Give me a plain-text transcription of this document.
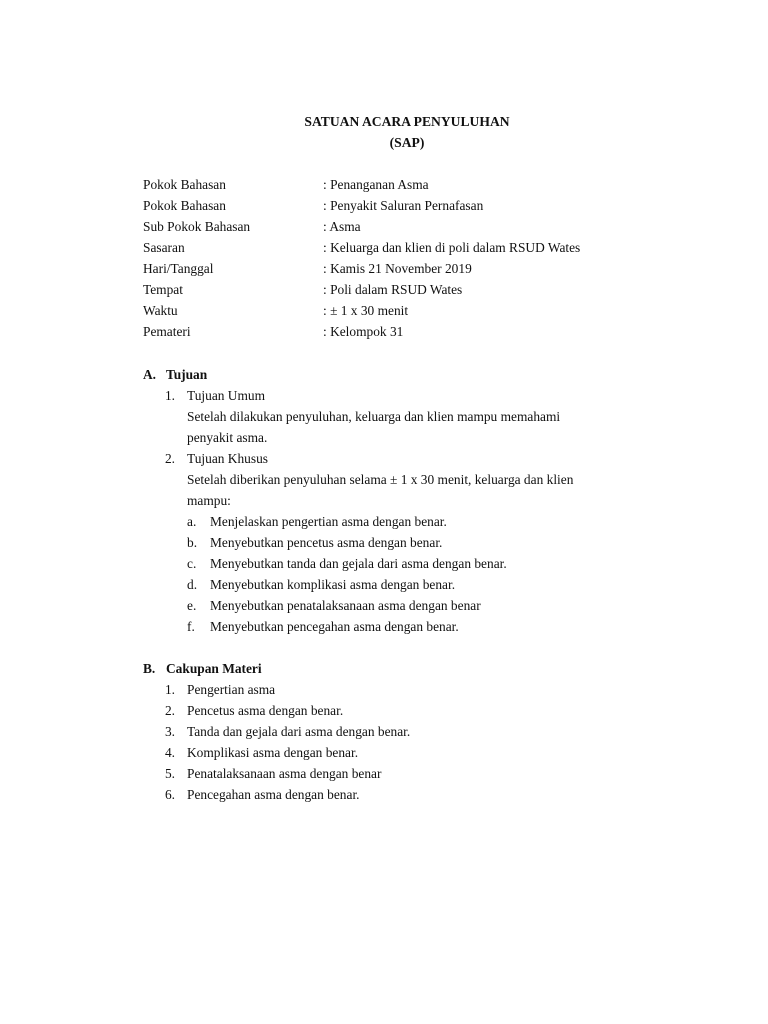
SATUAN ACARA PENYULUHAN
(SAP)
Pokok Bahasan	: Penanganan Asma
Pokok Bahasan	: Penyakit Saluran Pernafasan
Sub Pokok Bahasan	: Asma
Sasaran	: Keluarga dan klien di poli dalam RSUD Wates
Hari/Tanggal	: Kamis 21 November 2019
Tempat	: Poli dalam RSUD Wates
Waktu	: ± 1 x 30 menit
Pemateri	: Kelompok 31
A. Tujuan
1. Tujuan Umum
Setelah dilakukan penyuluhan, keluarga dan klien mampu memahami
penyakit asma.
2. Tujuan Khusus
Setelah diberikan penyuluhan selama ± 1 x 30 menit, keluarga dan klien
mampu:
a. Menjelaskan pengertian asma dengan benar.
b. Menyebutkan pencetus asma dengan benar.
c. Menyebutkan tanda dan gejala dari asma dengan benar.
d. Menyebutkan komplikasi asma dengan benar.
e. Menyebutkan penatalaksanaan asma dengan benar
f. Menyebutkan pencegahan asma dengan benar.
B. Cakupan Materi
1. Pengertian asma
2. Pencetus asma dengan benar.
3. Tanda dan gejala dari asma dengan benar.
4. Komplikasi asma dengan benar.
5. Penatalaksanaan asma dengan benar
6. Pencegahan asma dengan benar.
